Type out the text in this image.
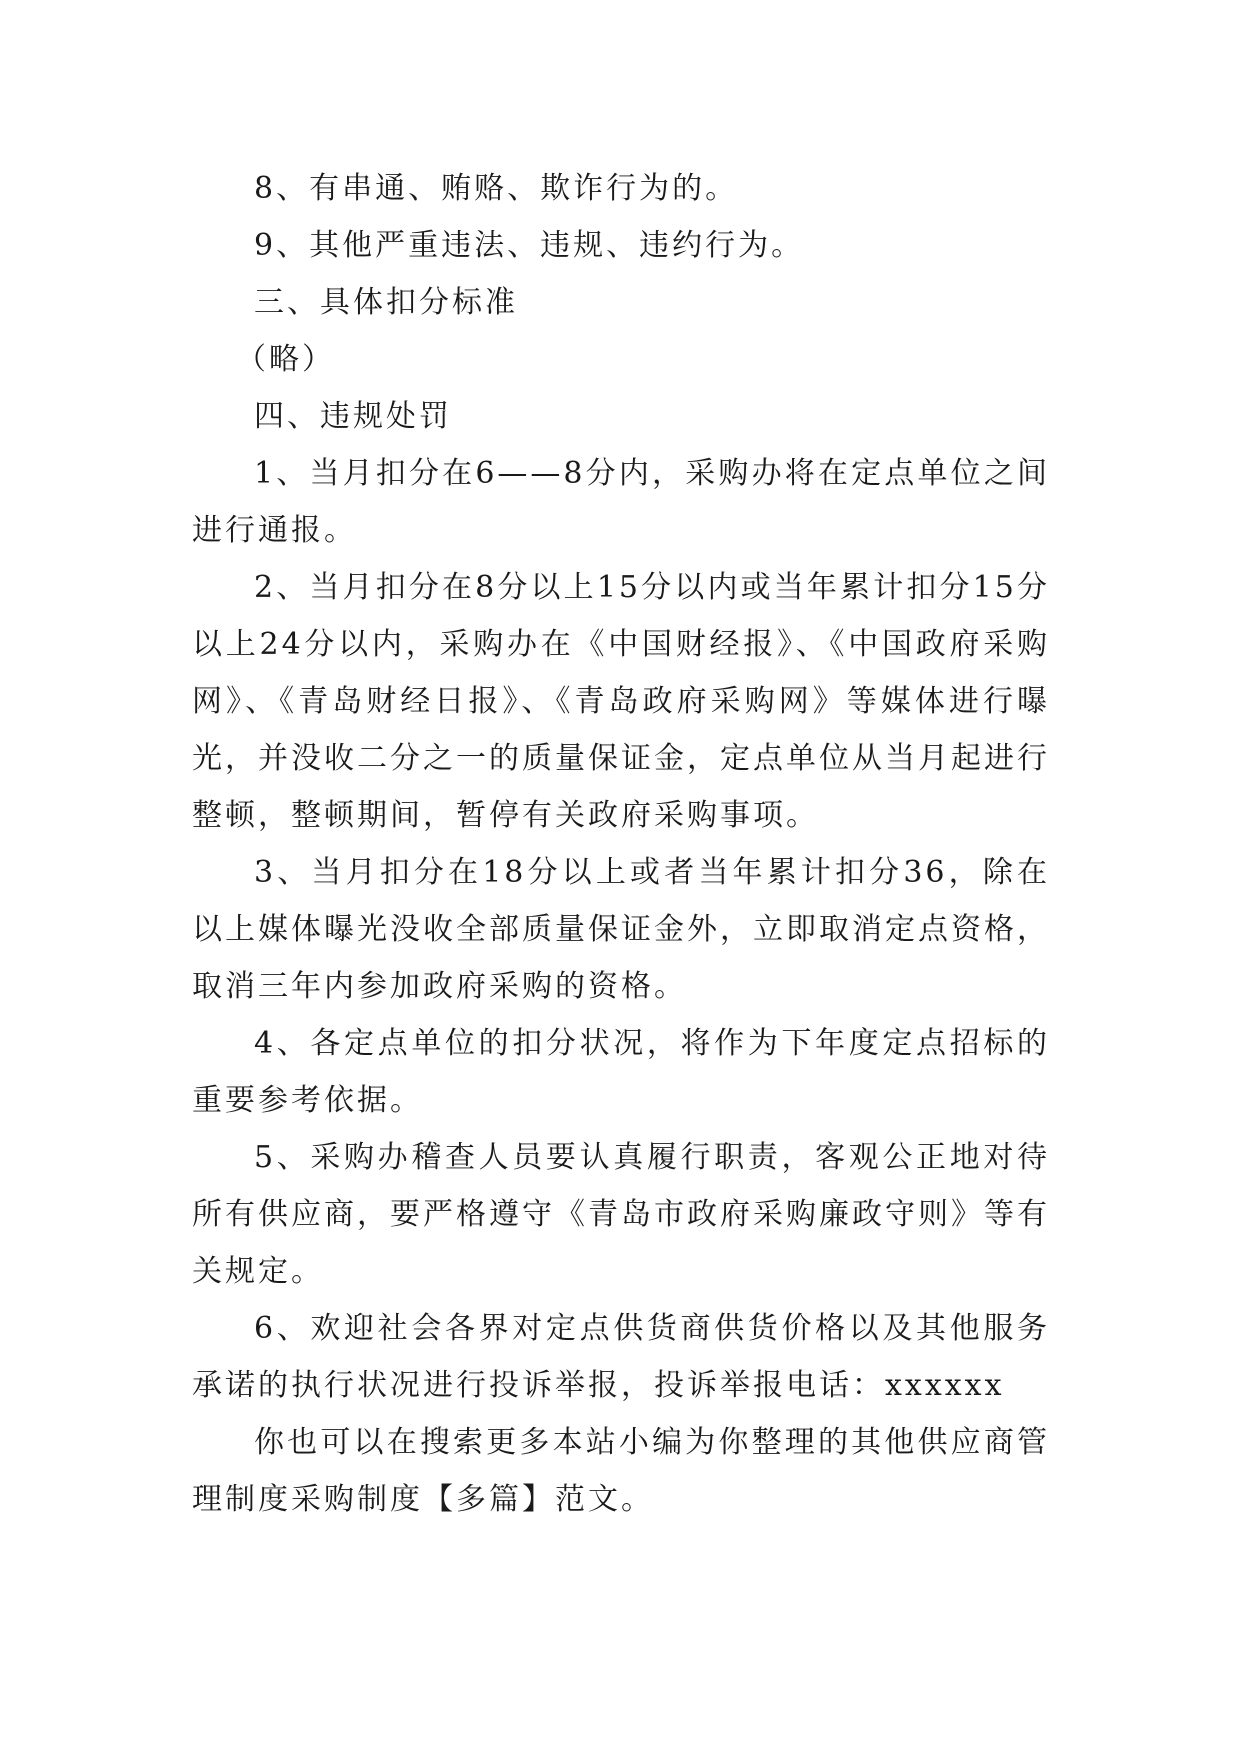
8、有串通、贿赂、欺诈行为的。

9、其他严重违法、违规、违约行为。

三、具体扣分标准

（略）

四、违规处罚

1、当月扣分在6——8分内，采购办将在定点单位之间进行通报。

2、当月扣分在8分以上15分以内或当年累计扣分15分以上24分以内，采购办在《中国财经报》、《中国政府采购网》、《青岛财经日报》、《青岛政府采购网》等媒体进行曝光，并没收二分之一的质量保证金，定点单位从当月起进行整顿，整顿期间，暂停有关政府采购事项。

3、当月扣分在18分以上或者当年累计扣分36，除在以上媒体曝光没收全部质量保证金外，立即取消定点资格，取消三年内参加政府采购的资格。

4、各定点单位的扣分状况，将作为下年度定点招标的重要参考依据。

5、采购办稽查人员要认真履行职责，客观公正地对待所有供应商，要严格遵守《青岛市政府采购廉政守则》等有关规定。

6、欢迎社会各界对定点供货商供货价格以及其他服务承诺的执行状况进行投诉举报，投诉举报电话：xxxxxx

你也可以在搜索更多本站小编为你整理的其他供应商管理制度采购制度【多篇】范文。
